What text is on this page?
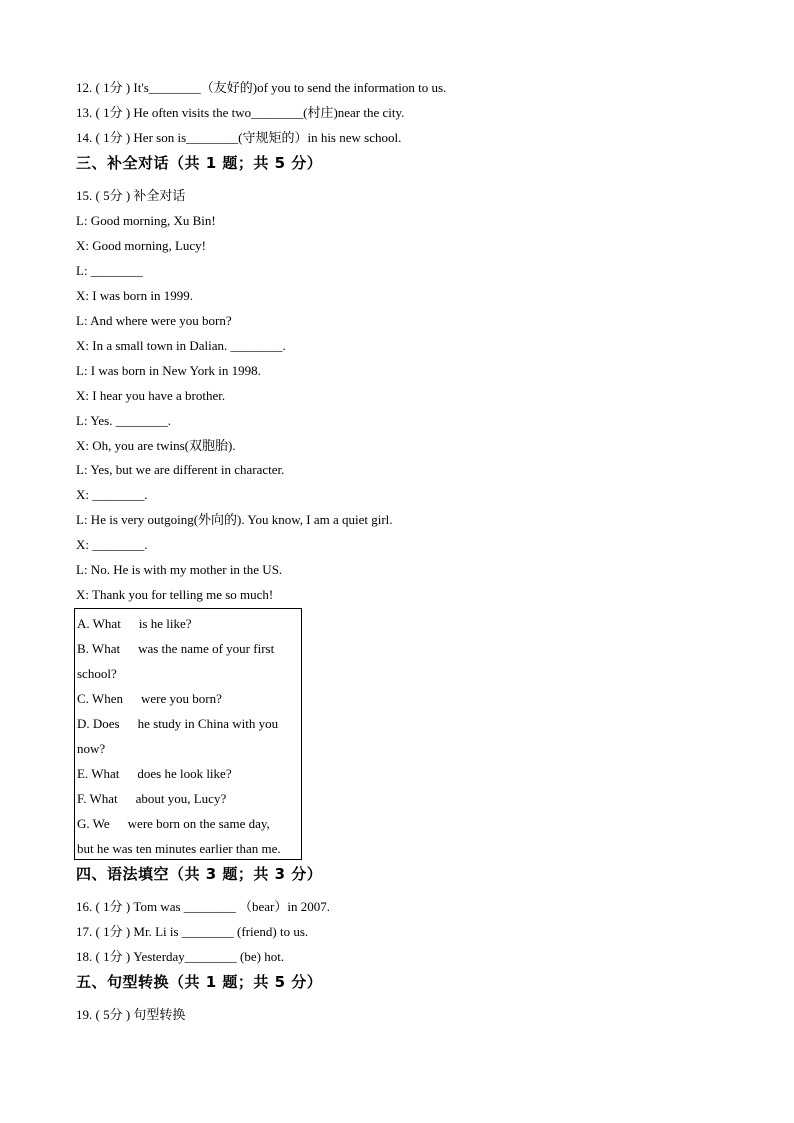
12. ( 1分 ) It's________（友好的)of you to send the information to us.
13. ( 1分 ) He often visits the two________(村庄)near the city.
14. ( 1分 ) Her son is________(守规矩的）in his new school.
三、补全对话（共 1 题；共 5 分）
15. ( 5分 ) 补全对话
L: Good morning, Xu Bin!
X: Good morning, Lucy!
L: ________
X: I was born in 1999.
L: And where were you born?
X: In a small town in Dalian. ________.
L: I was born in New York in 1998.
X: I hear you have a brother.
L: Yes. ________.
X: Oh, you are twins(双胞胎).
L: Yes, but we are different in character.
X: ________.
L: He is very outgoing(外向的). You know, I am a quiet girl.
X: ________.
L: No. He is with my mother in the US.
X: Thank you for telling me so much!
A. What is he like?
B. What was the name of your first
school?
C. When were you born?
D. Does he study in China with you
now?
E. What does he look like?
F. What about you, Lucy?
G. We were born on the same day,
but he was ten minutes earlier than me.
四、语法填空（共 3 题；共 3 分）
16. ( 1分 ) Tom was ________ （bear）in 2007.
17. ( 1分 ) Mr. Li is ________ (friend) to us.
18. ( 1分 ) Yesterday________ (be) hot.
五、句型转换（共 1 题；共 5 分）
19. ( 5分 ) 句型转换
